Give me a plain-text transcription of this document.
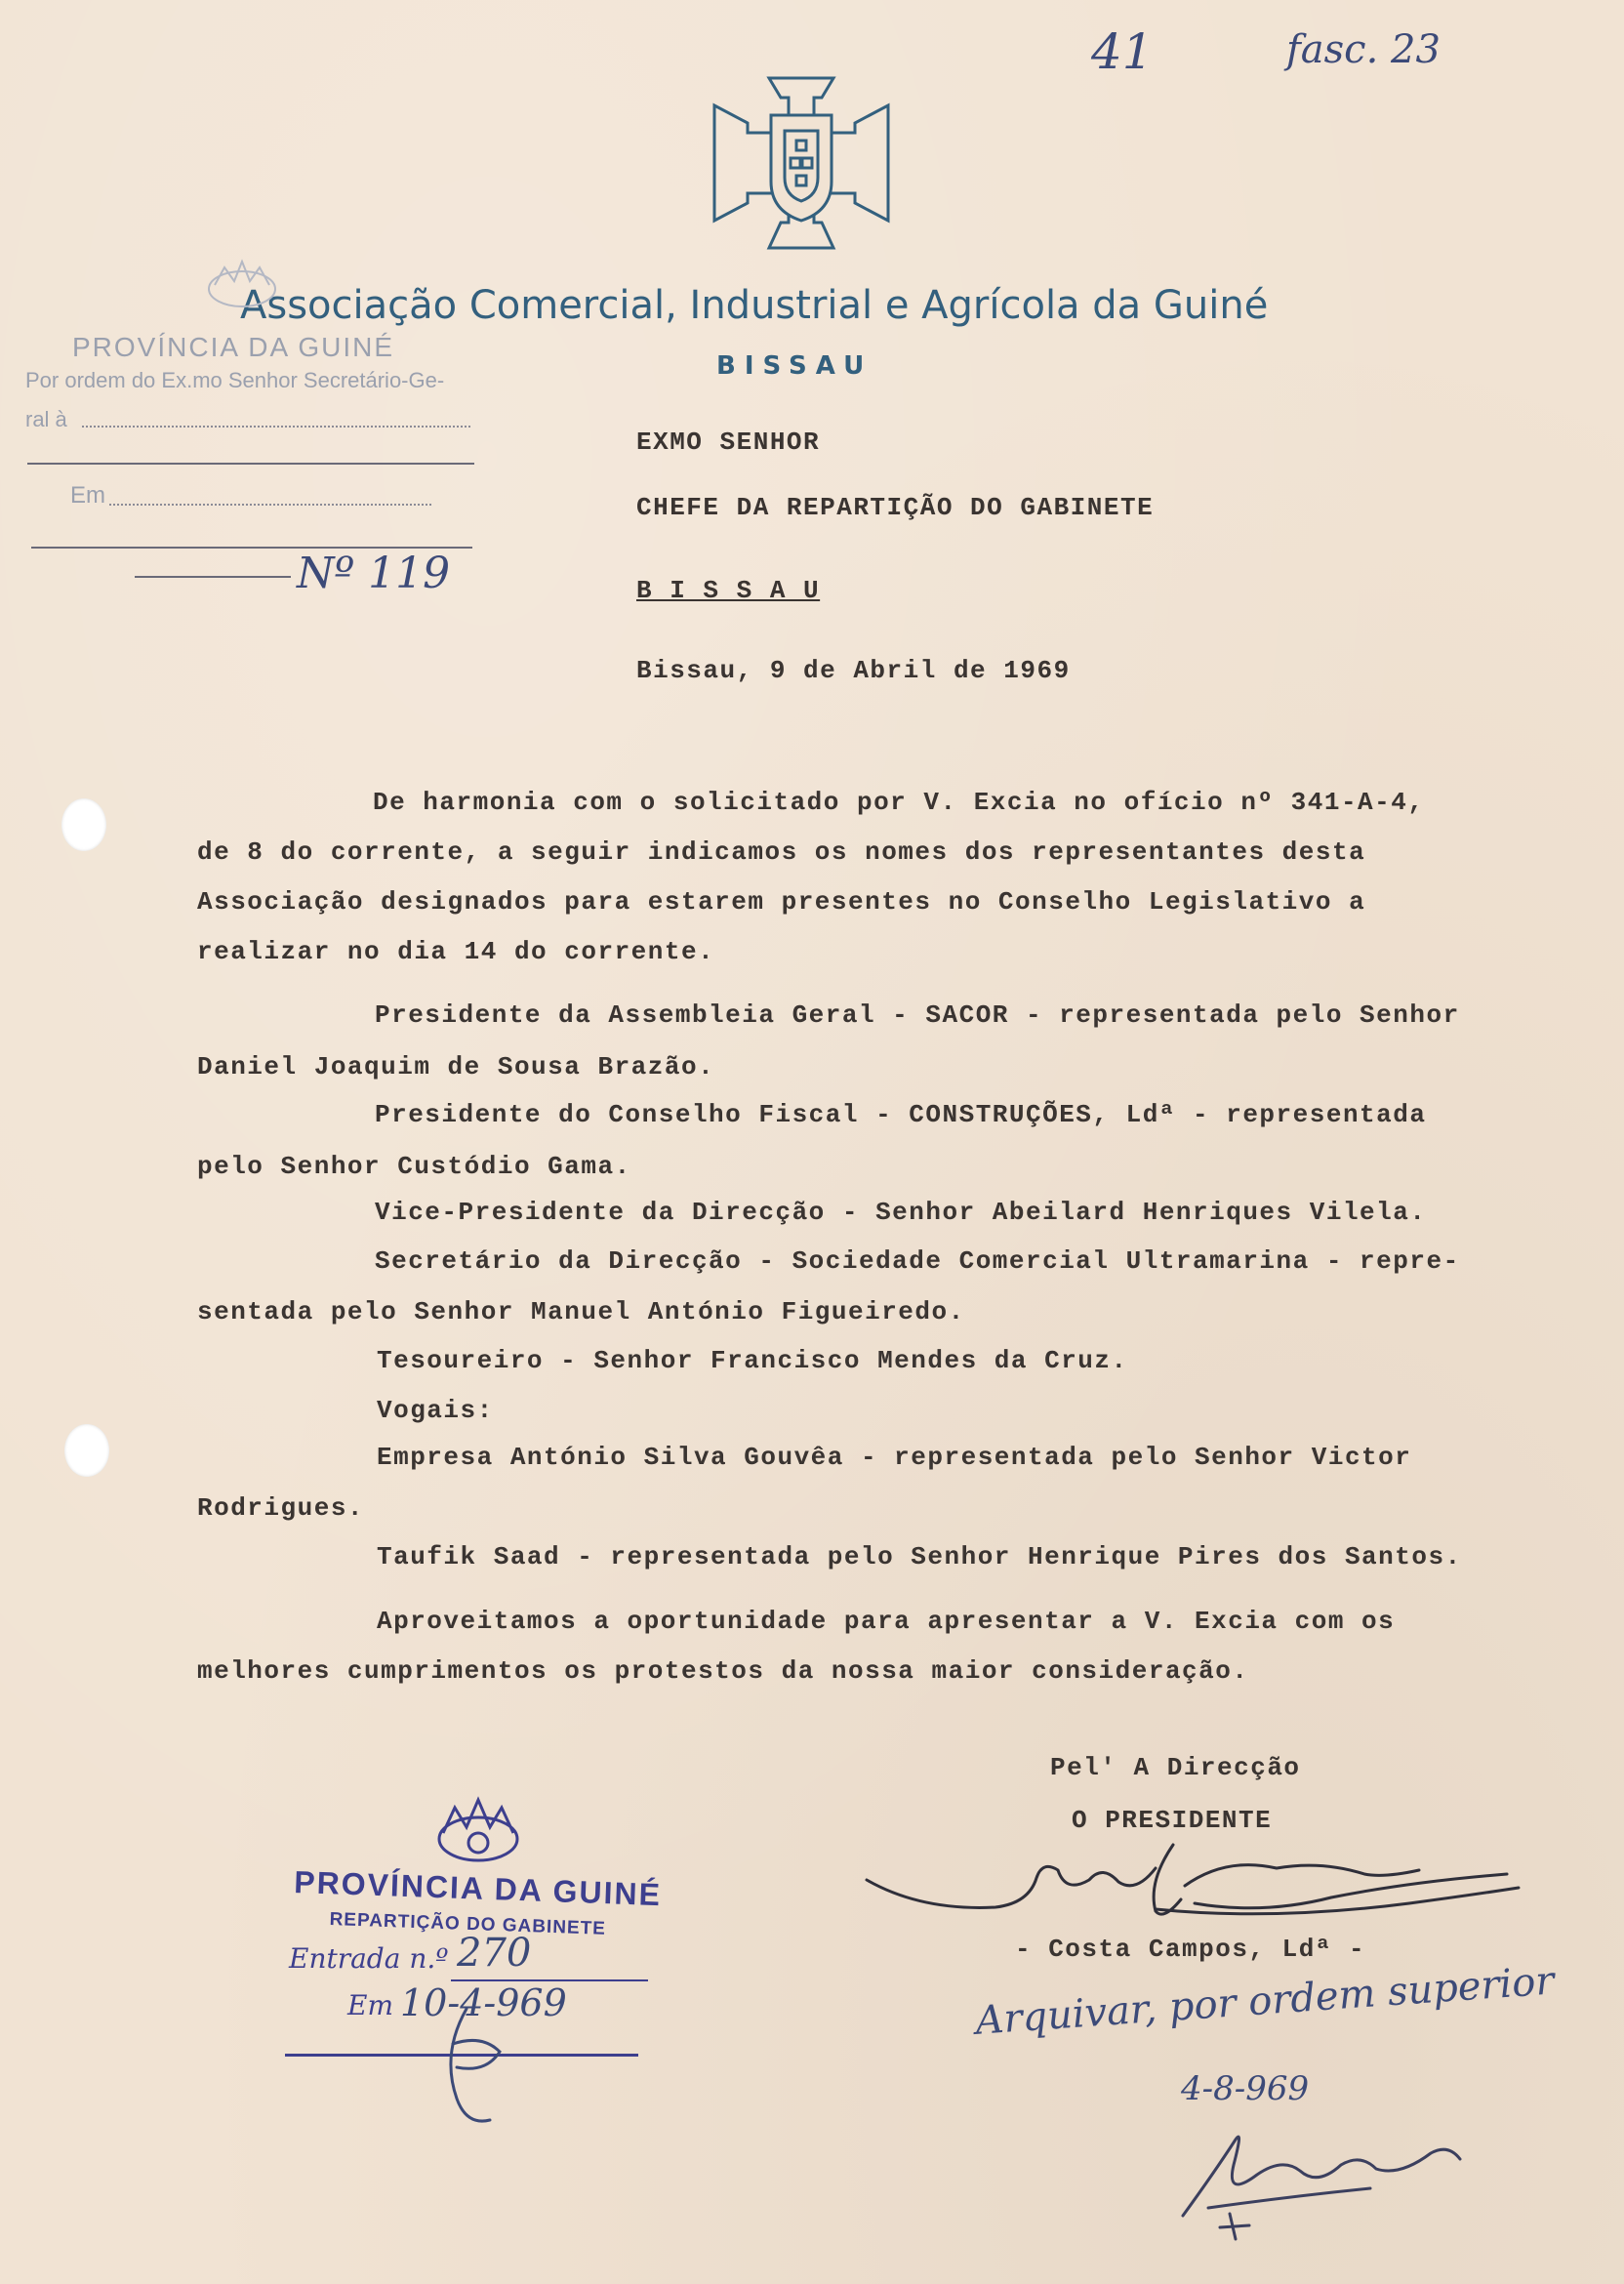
41	fasc. 23
Associação Comercial, Industrial e Agrícola da Guiné
BISSAU
PROVÍNCIA DA GUINÉ
Por ordem do Ex.mo Senhor Secretário-Ge-
ral à
Em
Nº 119
EXMO SENHOR
CHEFE DA REPARTIÇÃO DO GABINETE
B I S S A U
Bissau, 9 de Abril de 1969
De harmonia com o solicitado por V. Excia no ofício nº 341-A-4,
de 8 do corrente, a seguir indicamos os nomes dos representantes desta
Associação designados para estarem presentes no Conselho Legislativo a
realizar no dia 14 do corrente.
Presidente da Assembleia Geral - SACOR - representada pelo Senhor
Daniel Joaquim de Sousa Brazão.
Presidente do Conselho Fiscal - CONSTRUÇÕES, Ldª - representada
pelo Senhor Custódio Gama.
Vice-Presidente da Direcção - Senhor Abeilard Henriques Vilela.
Secretário da Direcção - Sociedade Comercial Ultramarina - repre-
sentada pelo Senhor Manuel António Figueiredo.
Tesoureiro - Senhor Francisco Mendes da Cruz.
Vogais:
Empresa António Silva Gouvêa - representada pelo Senhor Victor
Rodrigues.
Taufik Saad - representada pelo Senhor Henrique Pires dos Santos.
Aproveitamos a oportunidade para apresentar a V. Excia com os
melhores cumprimentos os protestos da nossa maior consideração.
Pel' A Direcção
O PRESIDENTE
- Costa Campos, Ldª -
PROVÍNCIA DA GUINÉ
REPARTIÇÃO DO GABINETE
Entrada n.º 270
Em 10-4-969	Arquivar, por ordem superior
4-8-969
